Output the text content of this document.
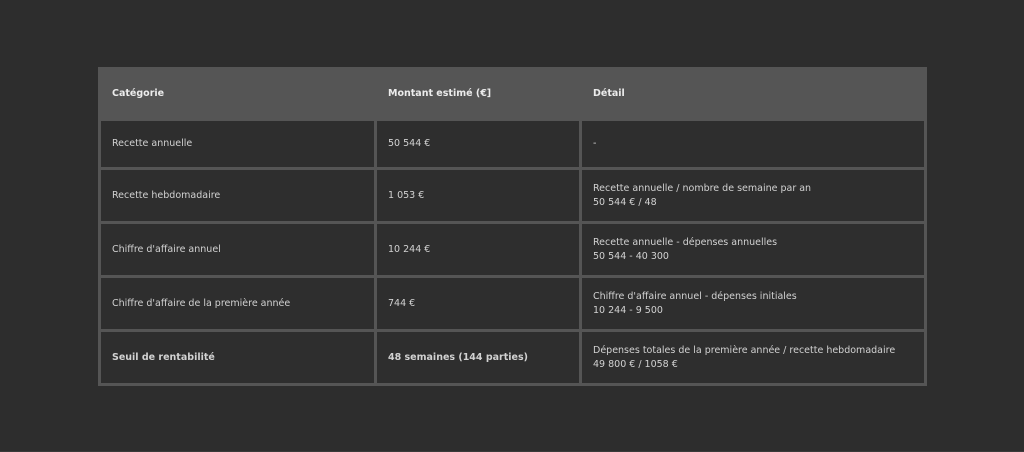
Catégorie	Montant estimé (€]	Détail
Recette annuelle	50 544 €	-

Recette hebdomadaire	1 053 €	Recette annuelle / nombre de semaine par an
50 544 € / 48

Chiffre d'affaire annuel	10 244 €	Recette annuelle - dépenses annuelles
50 544 - 40 300

Chiffre d'affaire de la première année	744 €	Chiffre d'affaire annuel - dépenses initiales
10 244 - 9 500

Seuil de rentabilité	48 semaines (144 parties)	Dépenses totales de la première année / recette hebdomadaire
49 800 € / 1058 €
